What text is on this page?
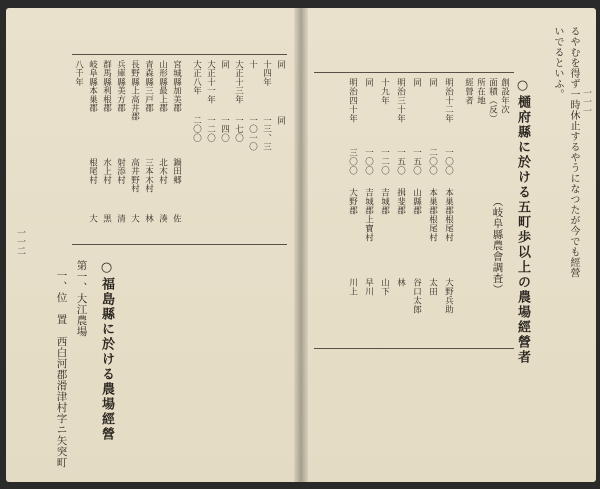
同
十四年
十
大正十三年
同
大正十一年
大正八年
同
一三、三
一〇一〇
一七〇
一四〇
一二〇
二〇〇
宮城縣加美郡
山形縣最上郡
青森縣三戸郡
長野縣上高井郡
兵庫縣美方郡
群馬縣利根郡
岐阜縣本巣郡
鍋田郷
北木村
三本木村
高井野村
射添村
水上村
根尾村
佐
湊
林
大
清
黒
大
八千年
○福島縣に於ける農場經營
第一、大江農場
一、位　置　西白河郡滑津村字ニ矢突町
一一二	るやむを得ず一時休止するやうになつたが今でも經營
いでるといふ。
○樋府縣に於ける五町歩以上の農場經營者
（岐阜縣農會調査）
創設年次
面積（反）
所在地
經營者
明治十二年
一〇〇
本巣郡根尾村
大野兵助
同
二〇〇
本巣郡根尾村
太田
同
一五〇
山縣郡
谷口太郎
明治三十年
一五〇
揖斐郡
林
十九年
一二〇
吉城郡
山下
同
一〇〇
吉城郡上寶村
早川
明治四十年
三〇〇
大野郡
川上
一一一
